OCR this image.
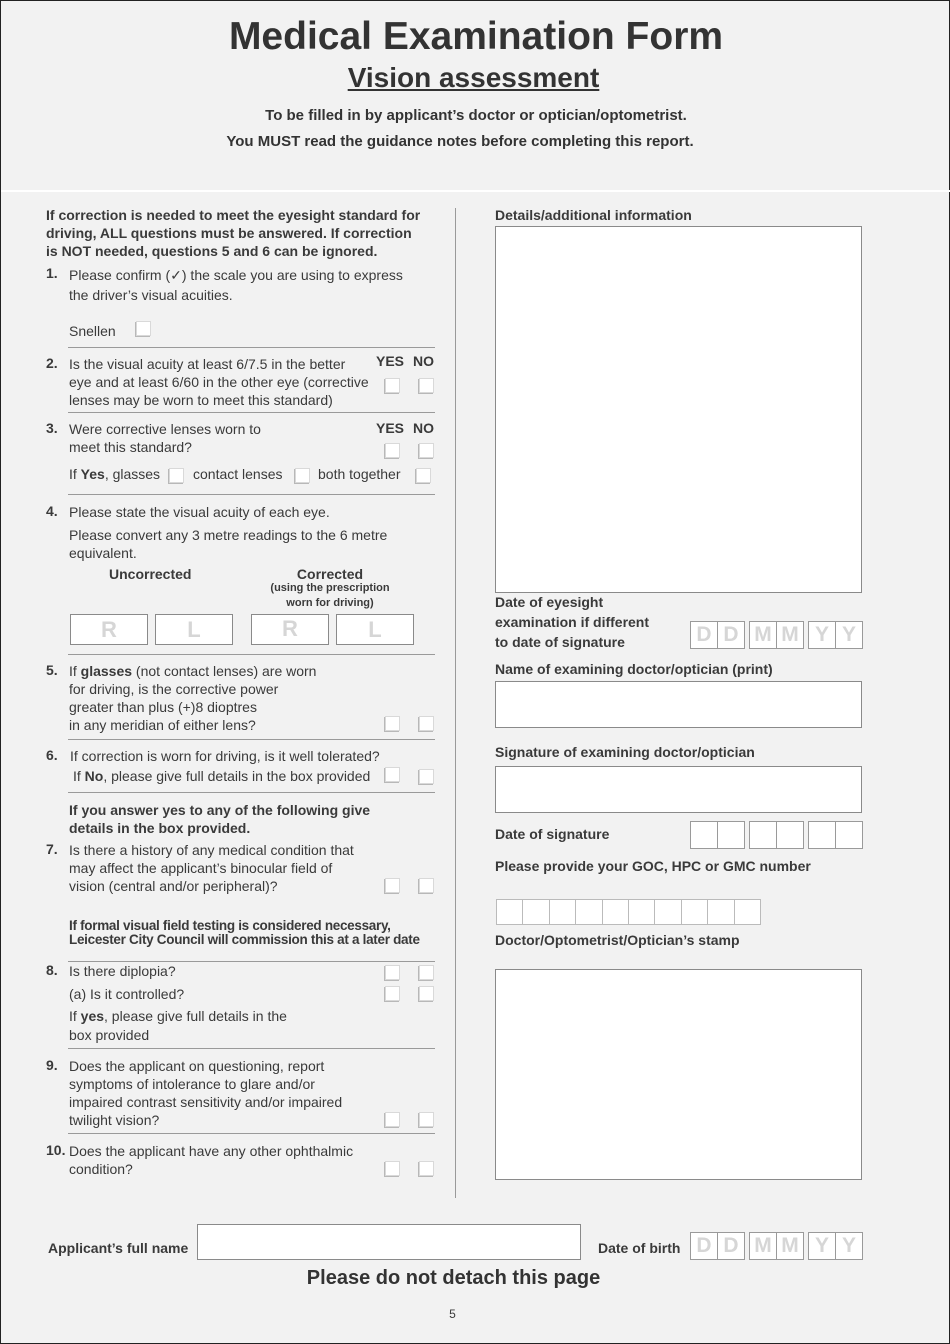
Medical Examination Form
Vision assessment
To be filled in by applicant’s doctor or optician/optometrist.
You MUST read the guidance notes before completing this report.
If correction is needed to meet the eyesight standard for
driving, ALL questions must be answered. If correction
is NOT needed, questions 5 and 6 can be ignored.
1. Please confirm (✓) the scale you are using to express
the driver’s visual acuities.
Snellen
2. Is the visual acuity at least 6/7.5 in the better
eye and at least 6/60 in the other eye (corrective
lenses may be worn to meet this standard)
YES NO
3. Were corrective lenses worn to
meet this standard?
YES NO
If Yes, glasses contact lenses	both together
4. Please state the visual acuity of each eye.
Please convert any 3 metre readings to the 6 metre
equivalent.
Uncorrected	Corrected
(using the prescription
worn for driving)
R	L	R	L
5. If glasses (not contact lenses) are worn
for driving, is the corrective power
greater than plus (+)8 dioptres
in any meridian of either lens?
6. If correction is worn for driving, is it well tolerated?
If No, please give full details in the box provided
If you answer yes to any of the following give
details in the box provided.
7. Is there a history of any medical condition that
may affect the applicant’s binocular field of
vision (central and/or peripheral)?
If formal visual field testing is considered necessary,
Leicester City Council will commission this at a later date
8. Is there diplopia?
(a) Is it controlled?
If yes, please give full details in the
box provided
9. Does the applicant on questioning, report
symptoms of intolerance to glare and/or
impaired contrast sensitivity and/or impaired
twilight vision?
10. Does the applicant have any other ophthalmic
condition?
Details/additional information
Date of eyesight
examination if different
to date of signature	D D M M Y Y
Name of examining doctor/optician (print)
Signature of examining doctor/optician
Date of signature
Please provide your GOC, HPC or GMC number
Doctor/Optometrist/Optician’s stamp
Applicant’s full name	Date of birth D D M M Y Y
Please do not detach this page
5
